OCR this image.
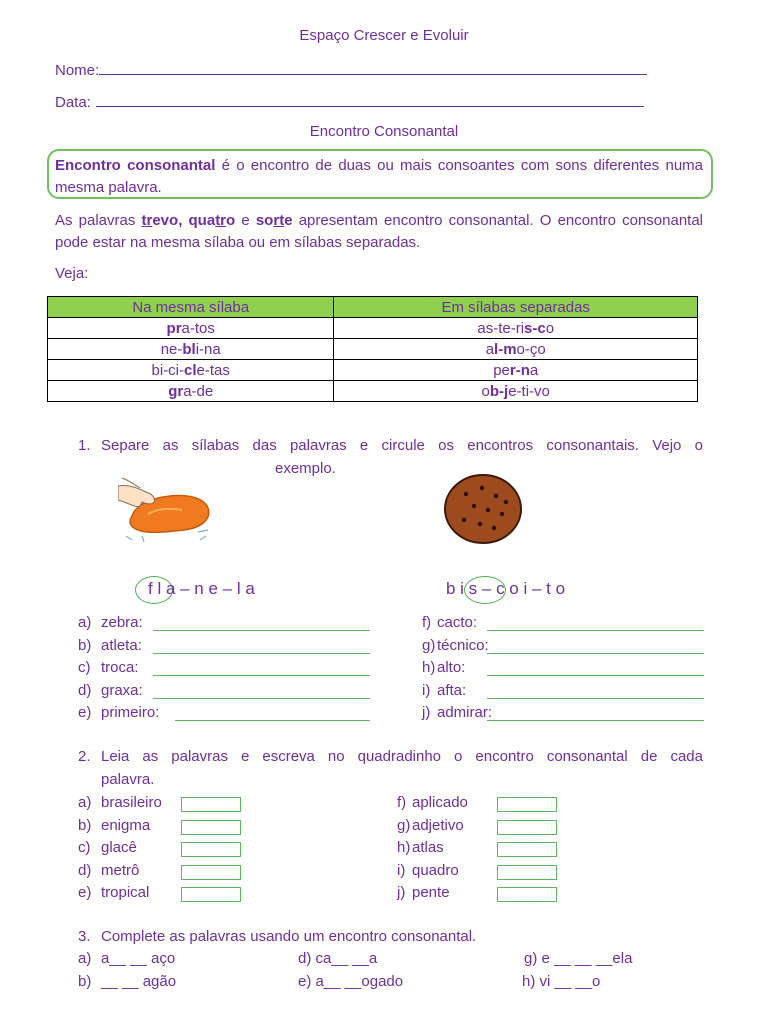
Espaço Crescer e Evoluir
Nome:
Data:
Encontro Consonantal
Encontro consonantal é o encontro de duas ou mais consoantes com sons diferentes numa mesma palavra.
As palavras trevo, quatro e sorte apresentam encontro consonantal. O encontro consonantal pode estar na mesma sílaba ou em sílabas separadas.
Veja:
Na mesma sílaba	Em sílabas separadas
pra-tos	as-te-ris-co
ne-bli-na	al-mo-ço
bi-ci-cle-tas	per-na
gra-de	ob-je-ti-vo
1. Separe as sílabas das palavras e circule os encontros consonantais. Vejo o
exemplo.
f l a – n e – l a	b i s – c o i – t o
a) zebra:
b) atleta:
c) troca:
d) graxa:
e) primeiro:
f) cacto:
g) técnico:
h) alto:
i) afta:
j) admirar:
2. Leia as palavras e escreva no quadradinho o encontro consonantal de cada
palavra.
a) brasileiro
b) enigma
c) glacê
d) metrô
e) tropical
f) aplicado
g) adjetivo
h) atlas
i) quadro
j) pente
3. Complete as palavras usando um encontro consonantal.
a) a__ __ aço	d) ca__ __a	g) e __ __ __ela
b) __ __ agão	e) a__ __ogado	h) vi __ __o
